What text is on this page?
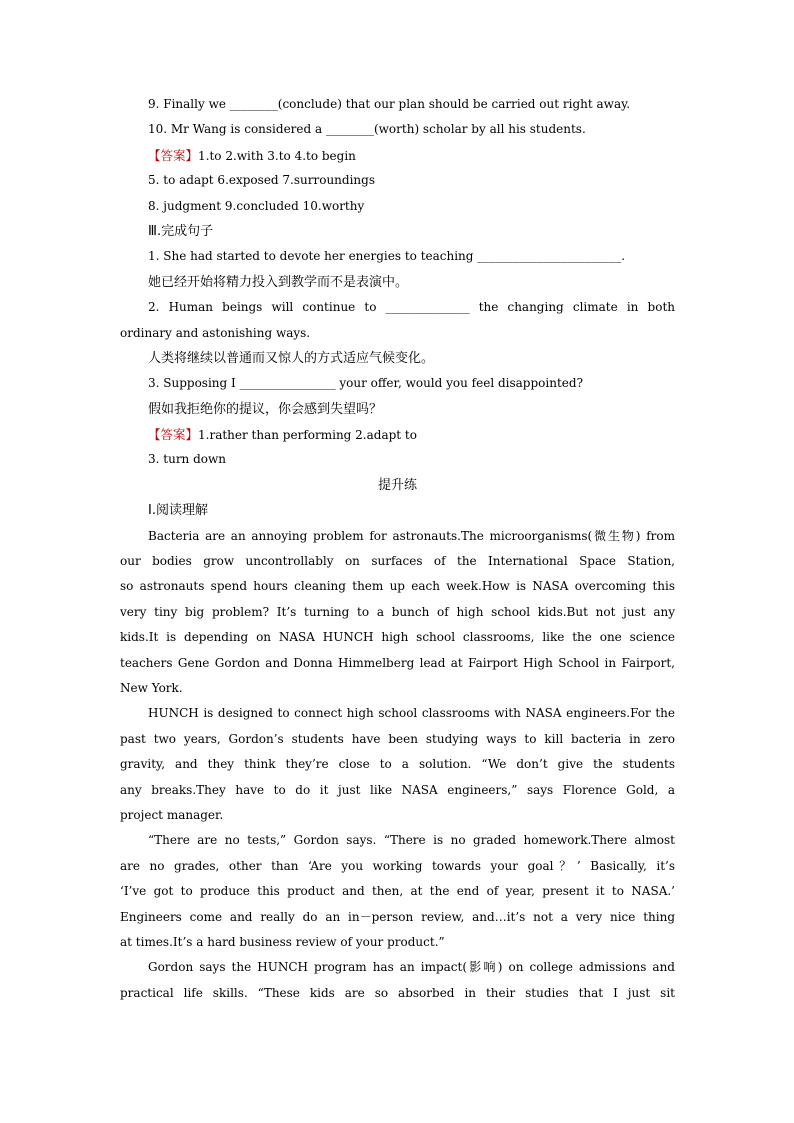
9. Finally we ________(conclude) that our plan should be carried out right away.
10. Mr Wang is considered a ________(worth) scholar by all his students.
【答案】1.to 2.with 3.to 4.to begin
5. to adapt 6.exposed 7.surroundings
8. judgment 9.concluded 10.worthy
Ⅲ.完成句子
1. She had started to devote her energies to teaching ________________________.
她已经开始将精力投入到教学而不是表演中。
2. Human beings will continue to ______________ the changing climate in both
ordinary and astonishing ways.
人类将继续以普通而又惊人的方式适应气候变化。
3. Supposing I ________________ your offer, would you feel disappointed?
假如我拒绝你的提议，你会感到失望吗？
【答案】1.rather than performing 2.adapt to
3. turn down
提升练
Ⅰ.阅读理解
Bacteria are an annoying problem for astronauts.The microorganisms(微生物) from
our bodies grow uncontrollably on surfaces of the International Space Station,
so astronauts spend hours cleaning them up each week.How is NASA overcoming this
very tiny big problem? It’s turning to a bunch of high school kids.But not just any
kids.It is depending on NASA HUNCH high school classrooms, like the one science
teachers Gene Gordon and Donna Himmelberg lead at Fairport High School in Fairport,
New York.
HUNCH is designed to connect high school classrooms with NASA engineers.For the
past two years, Gordon’s students have been studying ways to kill bacteria in zero
gravity, and they think they’re close to a solution. “We don’t give the students
any breaks.They have to do it just like NASA engineers,” says Florence Gold, a
project manager.
“There are no tests,” Gordon says. “There is no graded homework.There almost
are no grades, other than ‘Are you working towards your goal？’ Basically, it’s
‘I’ve got to produce this product and then, at the end of year, present it to NASA.’
Engineers come and really do an in－person review, and…it’s not a very nice thing
at times.It’s a hard business review of your product.”
Gordon says the HUNCH program has an impact(影响) on college admissions and
practical life skills. “These kids are so absorbed in their studies that I just sit
